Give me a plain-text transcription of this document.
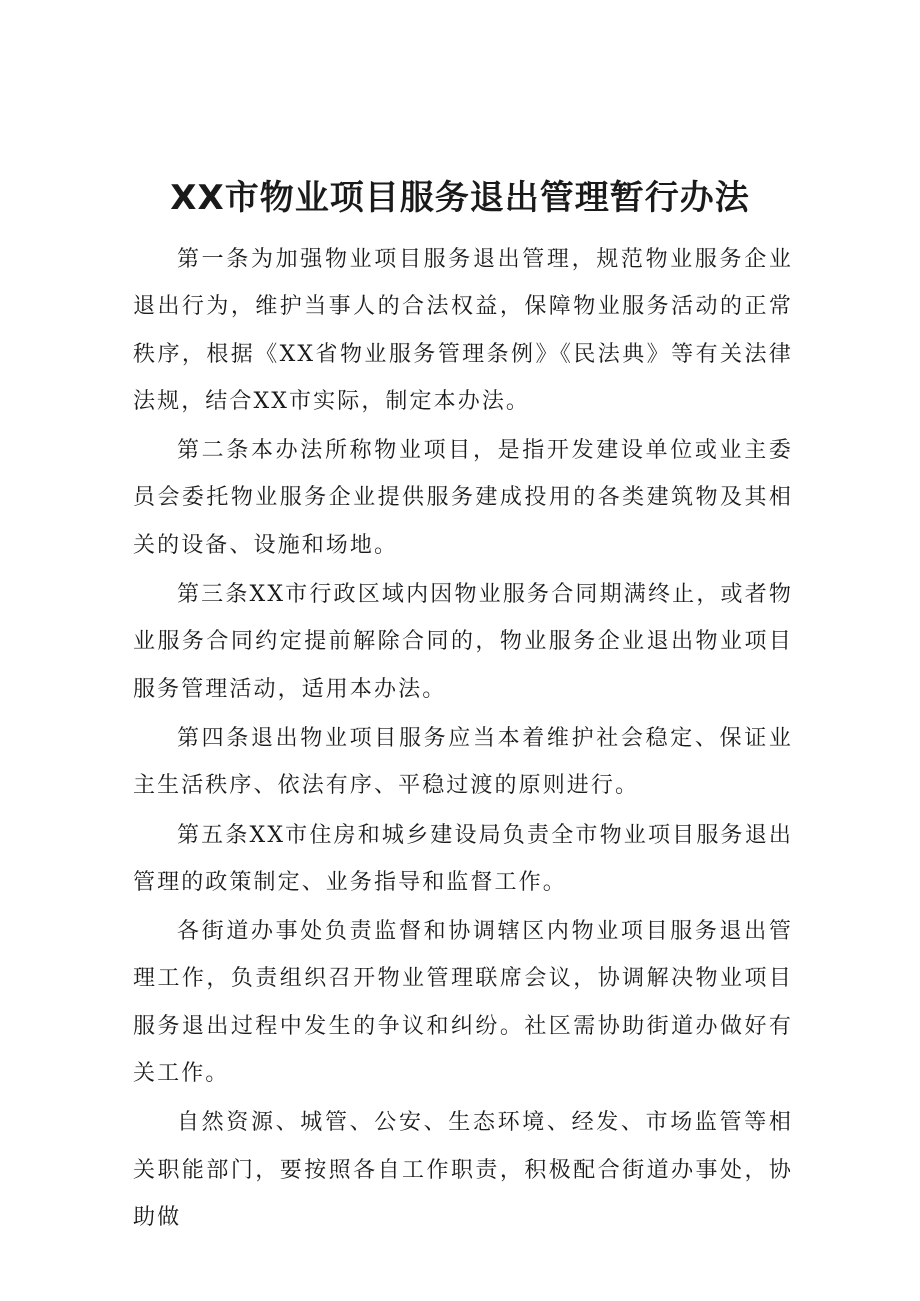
XX市物业项目服务退出管理暂行办法

第一条为加强物业项目服务退出管理，规范物业服务企业退出行为，维护当事人的合法权益，保障物业服务活动的正常秩序，根据《XX省物业服务管理条例》《民法典》等有关法律法规，结合XX市实际，制定本办法。

第二条本办法所称物业项目，是指开发建设单位或业主委员会委托物业服务企业提供服务建成投用的各类建筑物及其相关的设备、设施和场地。

第三条XX市行政区域内因物业服务合同期满终止，或者物业服务合同约定提前解除合同的，物业服务企业退出物业项目服务管理活动，适用本办法。

第四条退出物业项目服务应当本着维护社会稳定、保证业主生活秩序、依法有序、平稳过渡的原则进行。

第五条XX市住房和城乡建设局负责全市物业项目服务退出管理的政策制定、业务指导和监督工作。

各街道办事处负责监督和协调辖区内物业项目服务退出管理工作，负责组织召开物业管理联席会议，协调解决物业项目服务退出过程中发生的争议和纠纷。社区需协助街道办做好有关工作。

自然资源、城管、公安、生态环境、经发、市场监管等相关职能部门，要按照各自工作职责，积极配合街道办事处，协助做
